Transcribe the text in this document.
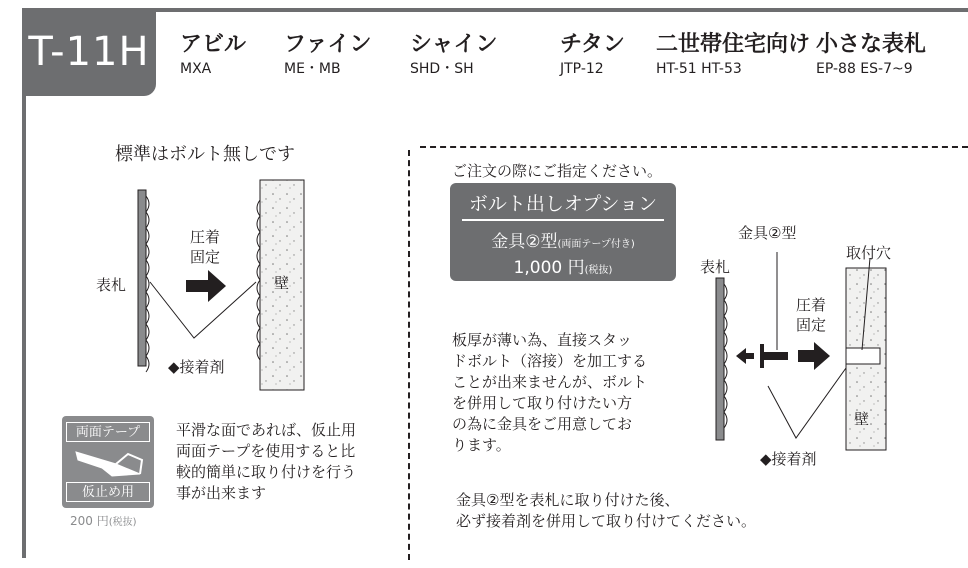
T-11H アビル
MXA
ファイン
ME・MB
シャイン
SHD・SH
チタン
JTP-12
二世帯住宅向け
HT-51 HT-53
小さな表札
EP-88 ES-7~9
標準はボルト無しです
表札
圧着
固定
壁
◆接着剤
両面テープ
仮止め用
200 円(税抜)
平滑な面であれば、仮止用
両面テープを使用すると比
較的簡単に取り付けを行う
事が出来ます
ご注文の際にご指定ください。
ボルト出しオプション
金具②型(両面テープ付き)
1,000 円(税抜)
板厚が薄い為、直接スタッ
ドボルト（溶接）を加工する
ことが出来ませんが、ボルト
を併用して取り付けたい方
の為に金具をご用意してお
ります。
金具②型
表札
取付穴
圧着
固定
壁
◆接着剤
金具②型を表札に取り付けた後、
必ず接着剤を併用して取り付けてください。
